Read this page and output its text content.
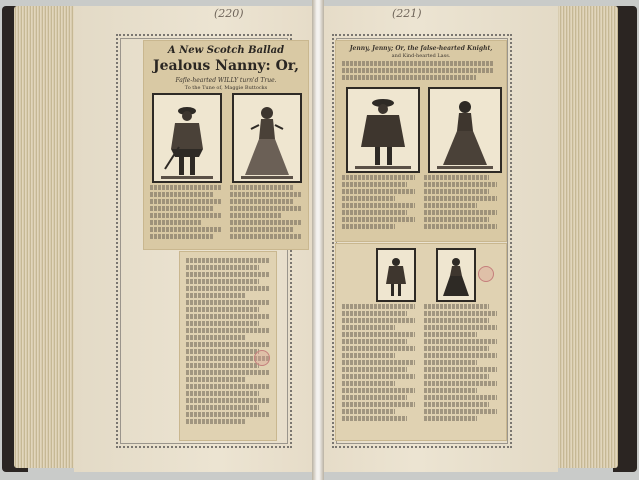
(220)
A New Scotch Ballad
Jealous Nanny: Or,
Fafle-hearted WILLY turn'd True.
To the Tune of, Maggie Buttocks
(221)
Jenny, Jenny; Or, the false-hearted Knight,
and Kind-hearted Lass.
